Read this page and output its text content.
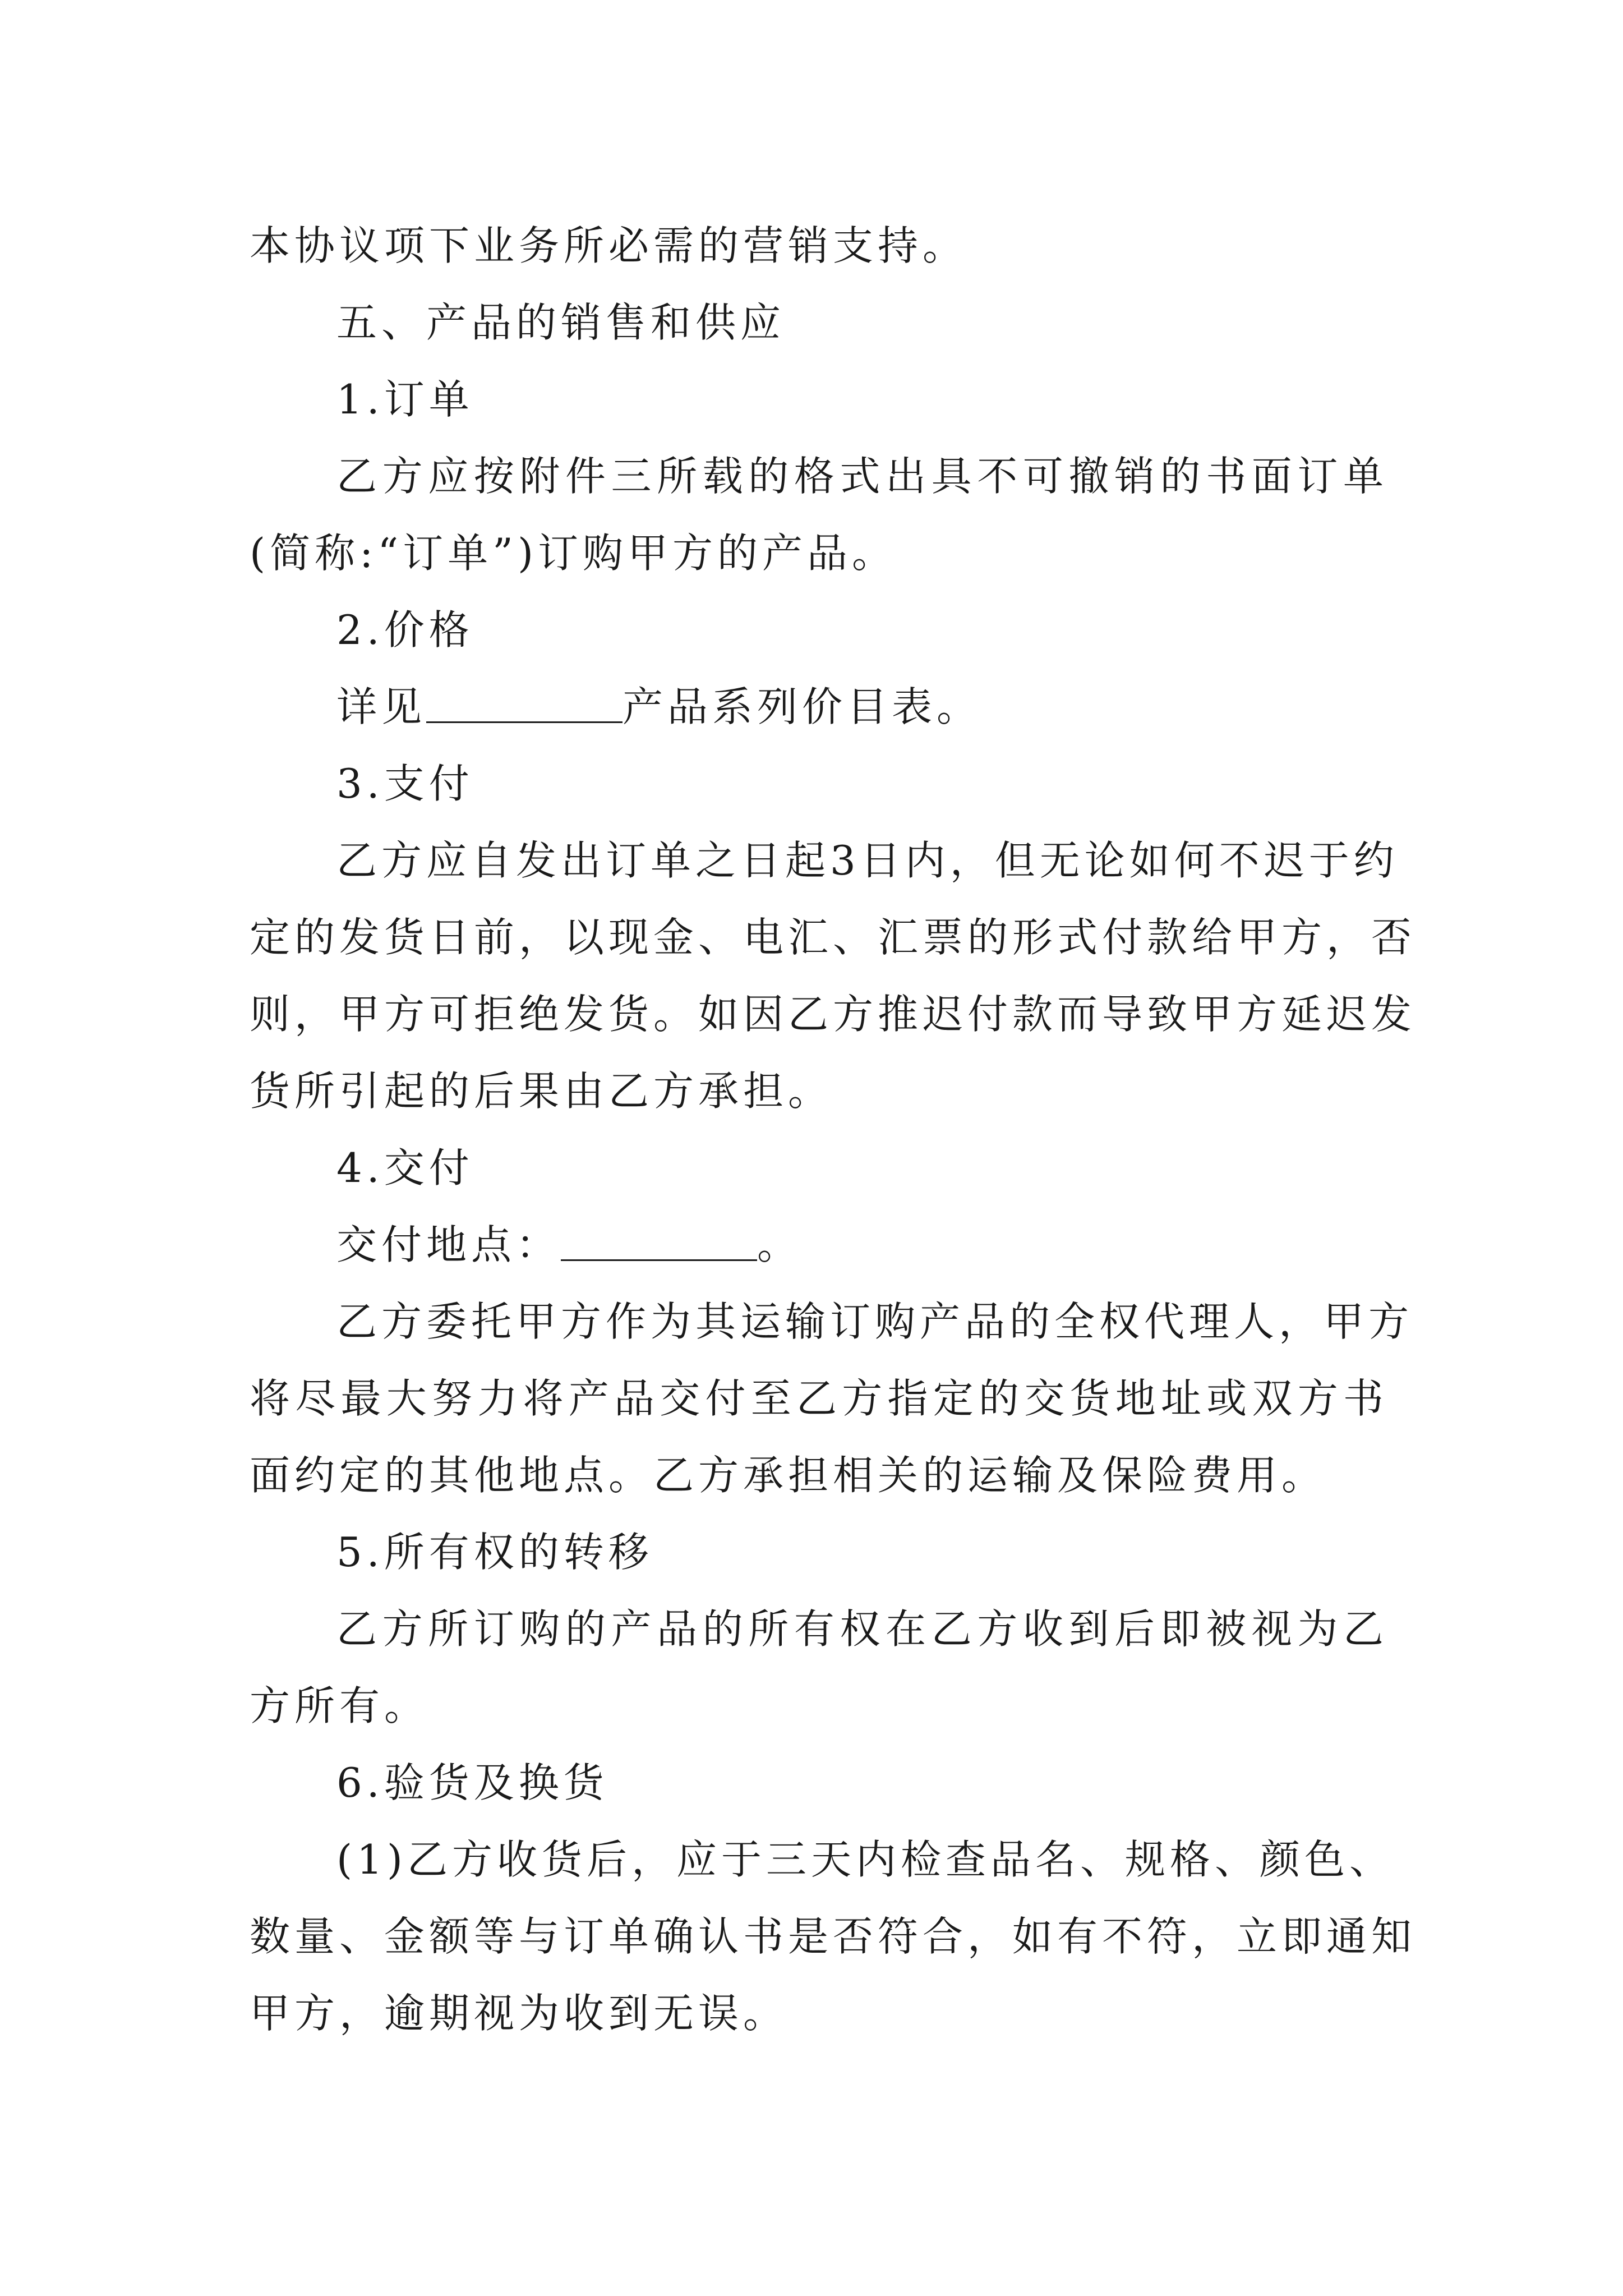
本协议项下业务所必需的营销支持。
五、产品的销售和供应
1.订单
乙方应按附件三所载的格式出具不可撤销的书面订单
(简称:“订单”)订购甲方的产品。
2.价格
详见	产品系列价目表。
3.支付
乙方应自发出订单之日起3日内，但无论如何不迟于约
定的发货日前，以现金、电汇、汇票的形式付款给甲方，否
则，甲方可拒绝发货。如因乙方推迟付款而导致甲方延迟发
货所引起的后果由乙方承担。
4.交付
交付地点：	。
乙方委托甲方作为其运输订购产品的全权代理人，甲方
将尽最大努力将产品交付至乙方指定的交货地址或双方书
面约定的其他地点。乙方承担相关的运输及保险费用。
5.所有权的转移
乙方所订购的产品的所有权在乙方收到后即被视为乙
方所有。
6.验货及换货
(1)乙方收货后，应于三天内检查品名、规格、颜色、
数量、金额等与订单确认书是否符合，如有不符，立即通知
甲方，逾期视为收到无误。
